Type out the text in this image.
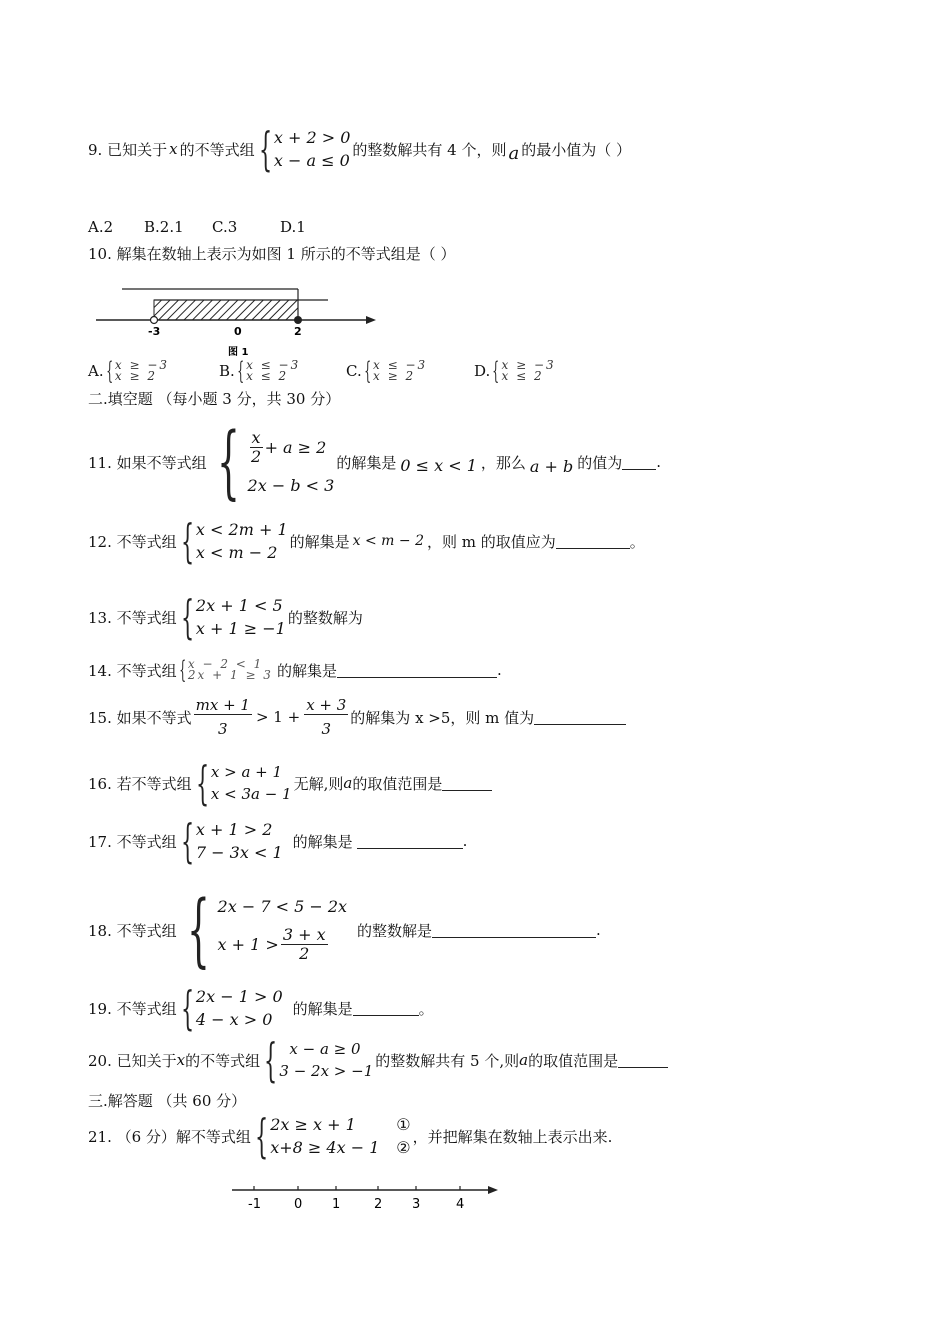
9. 已知关于 x 的不等式组 { x + 2 > 0
x − a ≤ 0
的整数解共有 4 个，则 a 的最小值为（ ）
A.2	B.2.1	C.3	D.1
10. 解集在数轴上表示为如图 1 所示的不等式组是（ ）
-3	0	2
图 1
A. { x ≥ −3
x ≥ 2	B. { x ≤ −3
x ≤ 2	C. { x ≤ −3
x ≥ 2	D. { x ≥ −3
x ≤ 2
二.填空题 （每小题 3 分，共 30 分）
11. 如果不等式组 { $\frac{x}{2} + a \ge 2$
2x − b < 3
的解集是 0 ≤ x < 1 ，那么 a + b 的值为 .
12. 不等式组 { x < 2m + 1
x < m − 2
的解集是 x < m − 2 ，则 m 的取值应为	。
13. 不等式组 { 2x + 1 < 5
x + 1 ≥ −1
的整数解为
14. 不等式组 { x − 2 < 1
2x + 1 ≥ 3 的解集是	.
15. 如果不等式 $\frac{mx + 1}{3} > 1 + \frac{x + 3}{3}$ 的解集为 x >5，则 m 值为
16. 若不等式组 { x > a + 1
x < 3a − 1
无解,则 a 的取值范围是
17. 不等式组 { x + 1 > 2
7 − 3x < 1
的解集是	.
18. 不等式组 { 2x − 7 < 5 − 2x
$x + 1 > \frac{3 + x}{2}$ 的整数解是	.
19. 不等式组 { 2x − 1 > 0
4 − x > 0
的解集是	。
20. 已知关于 x 的不等式组 { x − a ≥ 0
3 − 2x > −1
的整数解共有 5 个,则 a 的取值范围是
三.解答题 （共 60 分）
21. （6 分）解不等式组 { 2x ≥ x + 1	①
x+8 ≥ 4x − 1 ②
，并把解集在数轴上表示出来.
-1	0 1	2 3	4
